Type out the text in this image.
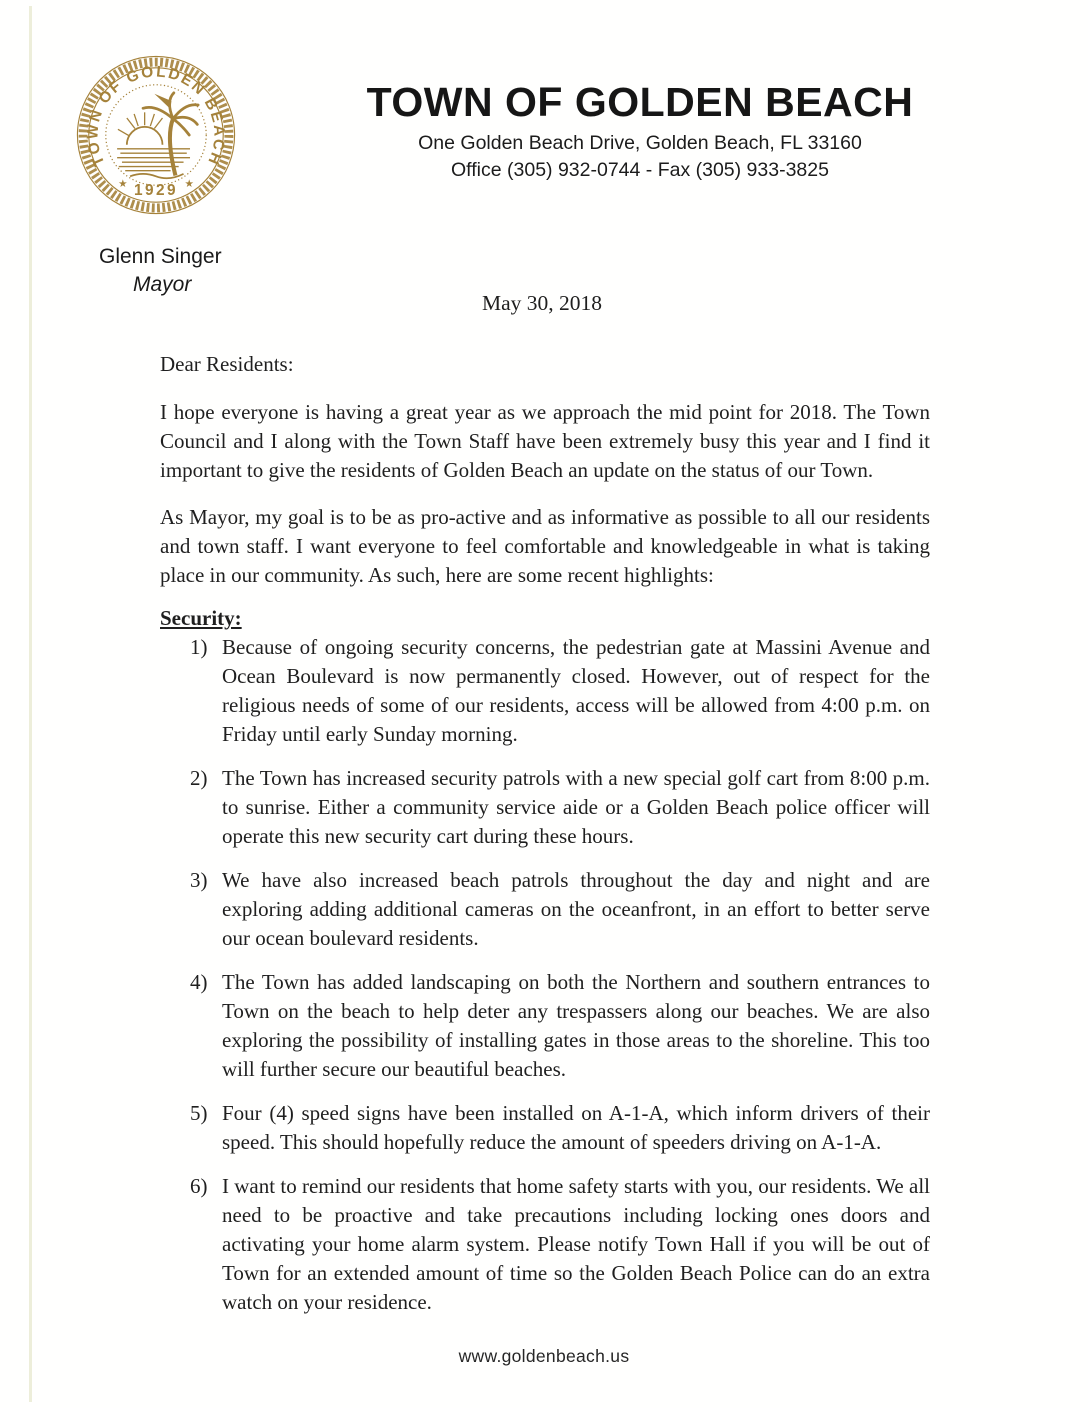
TOWN OF GOLDEN BEACH
★	★
1929
TOWN OF GOLDEN BEACH
One Golden Beach Drive, Golden Beach, FL 33160
Office (305) 932-0744 - Fax (305) 933-3825
Glenn Singer
Mayor
May 30, 2018

Dear Residents:

I hope everyone is having a great year as we approach the mid point for 2018. The Town Council and I along with the Town Staff have been extremely busy this year and I find it important to give the residents of Golden Beach an update on the status of our Town.

As Mayor, my goal is to be as pro-active and as informative as possible to all our residents and town staff. I want everyone to feel comfortable and knowledgeable in what is taking place in our community. As such, here are some recent highlights:

Security:

1) Because of ongoing security concerns, the pedestrian gate at Massini Avenue and Ocean Boulevard is now permanently closed. However, out of respect for the religious needs of some of our residents, access will be allowed from 4:00 p.m. on Friday until early Sunday morning.
2) The Town has increased security patrols with a new special golf cart from 8:00 p.m. to sunrise. Either a community service aide or a Golden Beach police officer will operate this new security cart during these hours.
3) We have also increased beach patrols throughout the day and night and are exploring adding additional cameras on the oceanfront, in an effort to better serve our ocean boulevard residents.
4) The Town has added landscaping on both the Northern and southern entrances to Town on the beach to help deter any trespassers along our beaches. We are also exploring the possibility of installing gates in those areas to the shoreline. This too will further secure our beautiful beaches.
5) Four (4) speed signs have been installed on A-1-A, which inform drivers of their speed. This should hopefully reduce the amount of speeders driving on A-1-A.
6) I want to remind our residents that home safety starts with you, our residents. We all need to be proactive and take precautions including locking ones doors and activating your home alarm system. Please notify Town Hall if you will be out of Town for an extended amount of time so the Golden Beach Police can do an extra watch on your residence.
www.goldenbeach.us
